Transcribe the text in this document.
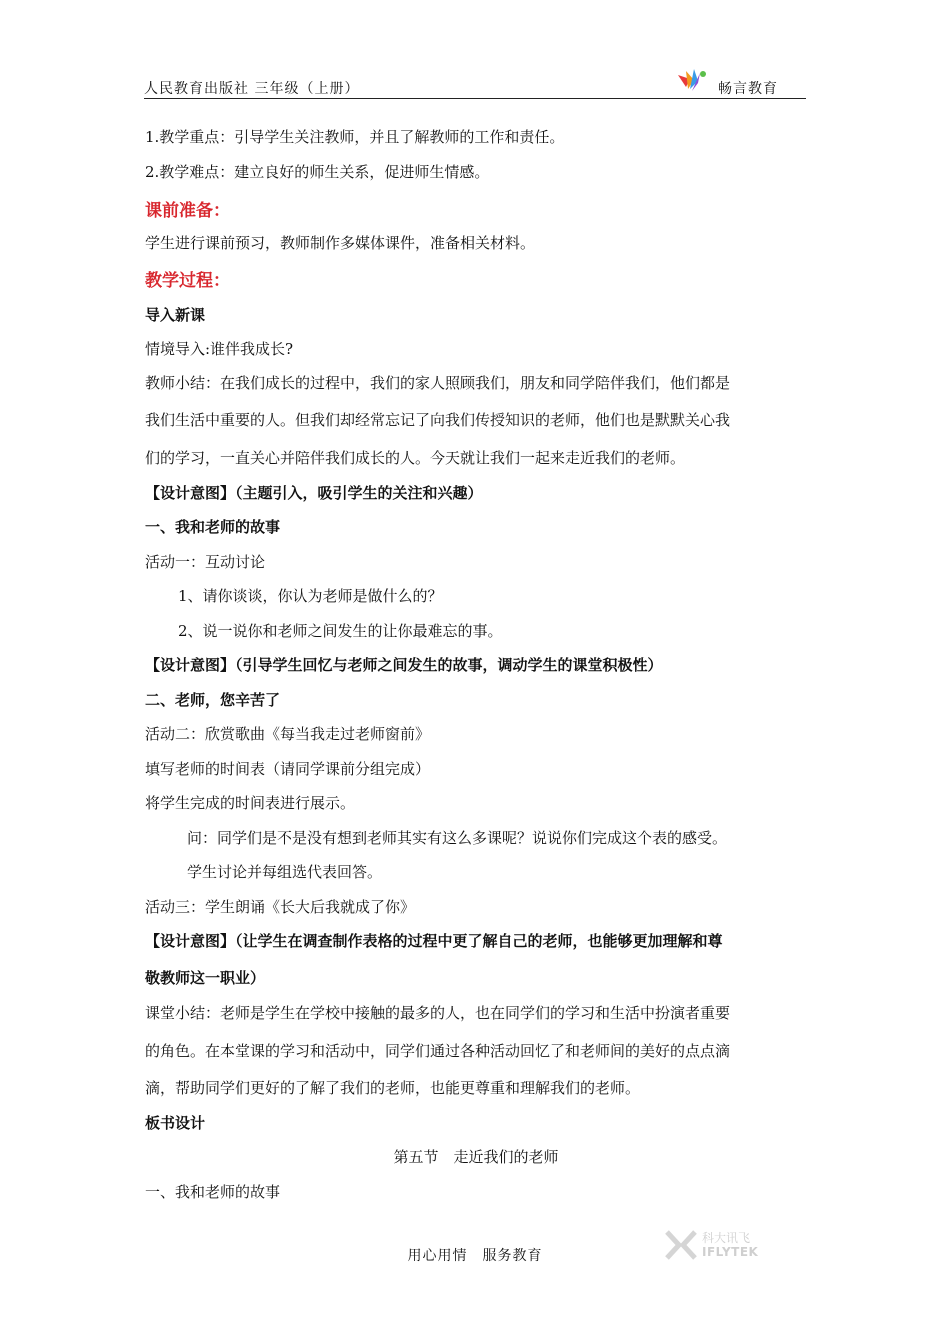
人民教育出版社 三年级（上册）	畅言教育
1.教学重点：引导学生关注教师，并且了解教师的工作和责任。
2.教学难点：建立良好的师生关系，促进师生情感。
课前准备：
学生进行课前预习，教师制作多媒体课件，准备相关材料。
教学过程：
导入新课
情境导入:谁伴我成长?
教师小结：在我们成长的过程中，我们的家人照顾我们，朋友和同学陪伴我们，他们都是
我们生活中重要的人。但我们却经常忘记了向我们传授知识的老师，他们也是默默关心我
们的学习，一直关心并陪伴我们成长的人。今天就让我们一起来走近我们的老师。
【设计意图】（主题引入，吸引学生的关注和兴趣）
一、我和老师的故事
活动一：互动讨论
1、请你谈谈，你认为老师是做什么的？
2、说一说你和老师之间发生的让你最难忘的事。
【设计意图】（引导学生回忆与老师之间发生的故事，调动学生的课堂积极性）
二、老师，您辛苦了
活动二：欣赏歌曲《每当我走过老师窗前》
填写老师的时间表（请同学课前分组完成）
将学生完成的时间表进行展示。
问：同学们是不是没有想到老师其实有这么多课呢？说说你们完成这个表的感受。
学生讨论并每组选代表回答。
活动三：学生朗诵《长大后我就成了你》
【设计意图】（让学生在调查制作表格的过程中更了解自己的老师，也能够更加理解和尊
敬教师这一职业）
课堂小结：老师是学生在学校中接触的最多的人，也在同学们的学习和生活中扮演者重要
的角色。在本堂课的学习和活动中，同学们通过各种活动回忆了和老师间的美好的点点滴
滴，帮助同学们更好的了解了我们的老师，也能更尊重和理解我们的老师。
板书设计
第五节　走近我们的老师
一、我和老师的故事
科大讯飞
IFLYTEK
用心用情　服务教育
